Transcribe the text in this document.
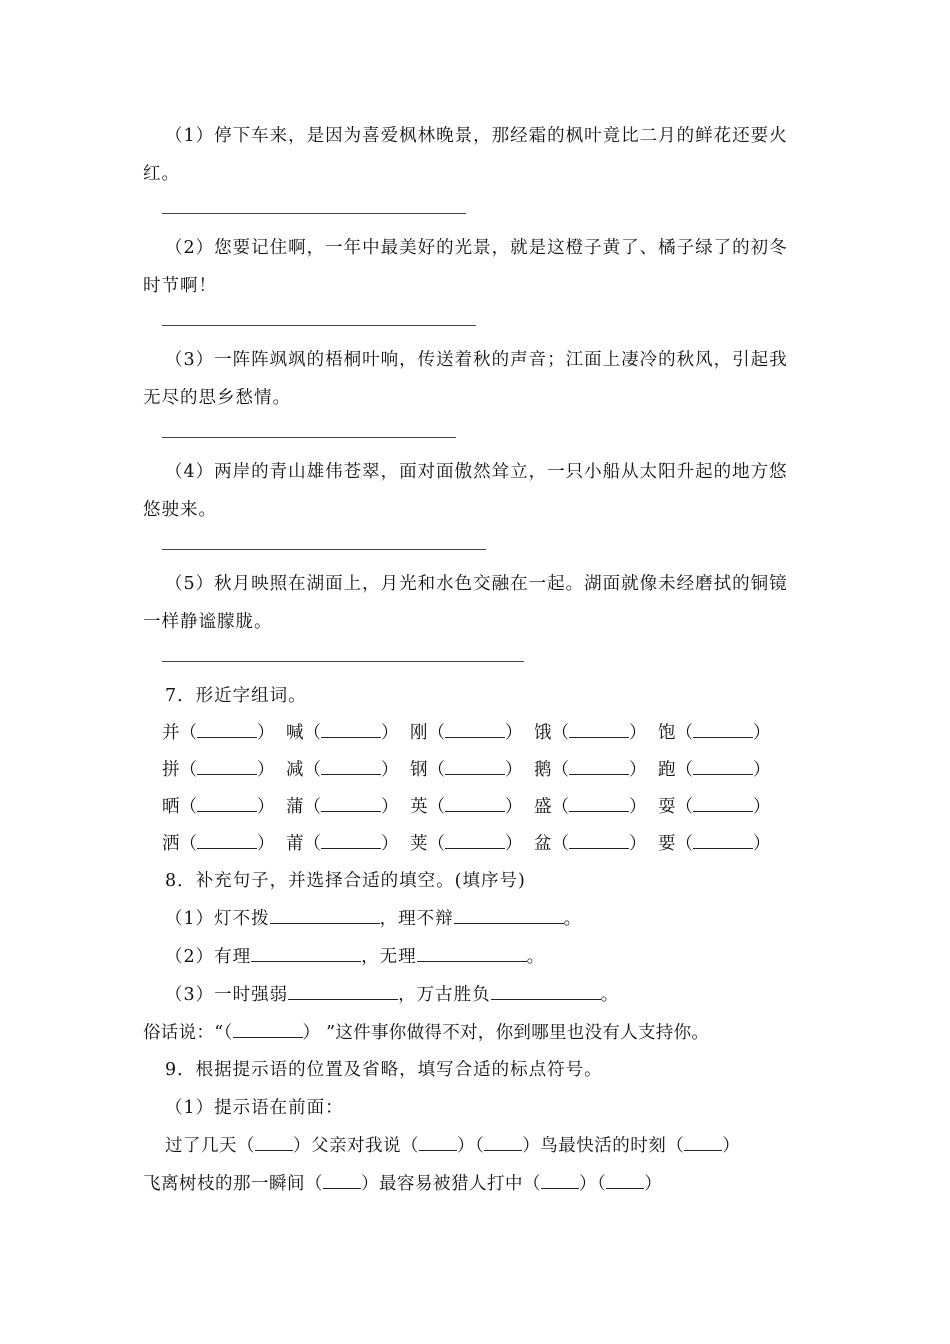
（1）停下车来，是因为喜爱枫林晚景，那经霜的枫叶竟比二月的鲜花还要火
红。
（2）您要记住啊，一年中最美好的光景，就是这橙子黄了、橘子绿了的初冬
时节啊！
（3）一阵阵飒飒的梧桐叶响，传送着秋的声音；江面上凄冷的秋风，引起我
无尽的思乡愁情。
（4）两岸的青山雄伟苍翠，面对面傲然耸立，一只小船从太阳升起的地方悠
悠驶来。
（5）秋月映照在湖面上，月光和水色交融在一起。湖面就像未经磨拭的铜镜
一样静谧朦胧。
7．形近字组词。
并（	） 喊（	） 刚（	） 饿（	） 饱（	）
拼（	） 减（	） 钢（	） 鹅（	） 跑（	）
晒（	） 蒲（	） 英（	） 盛（	） 耍（	）
洒（	） 莆（	） 荚（	） 盆（	） 要（	）
8．补充句子，并选择合适的填空。(填序号)
（1）灯不拨	，理不辩	。
（2）有理	，无理	。
（3）一时强弱	，万古胜负	。
俗话说：“（	） ”这件事你做得不对，你到哪里也没有人支持你。
9．根据提示语的位置及省略，填写合适的标点符号。
（1）提示语在前面：
过了几天（ ）父亲对我说（ ）（ ）鸟最快活的时刻（ ）
飞离树枝的那一瞬间（ ）最容易被猎人打中（ ）（ ）
